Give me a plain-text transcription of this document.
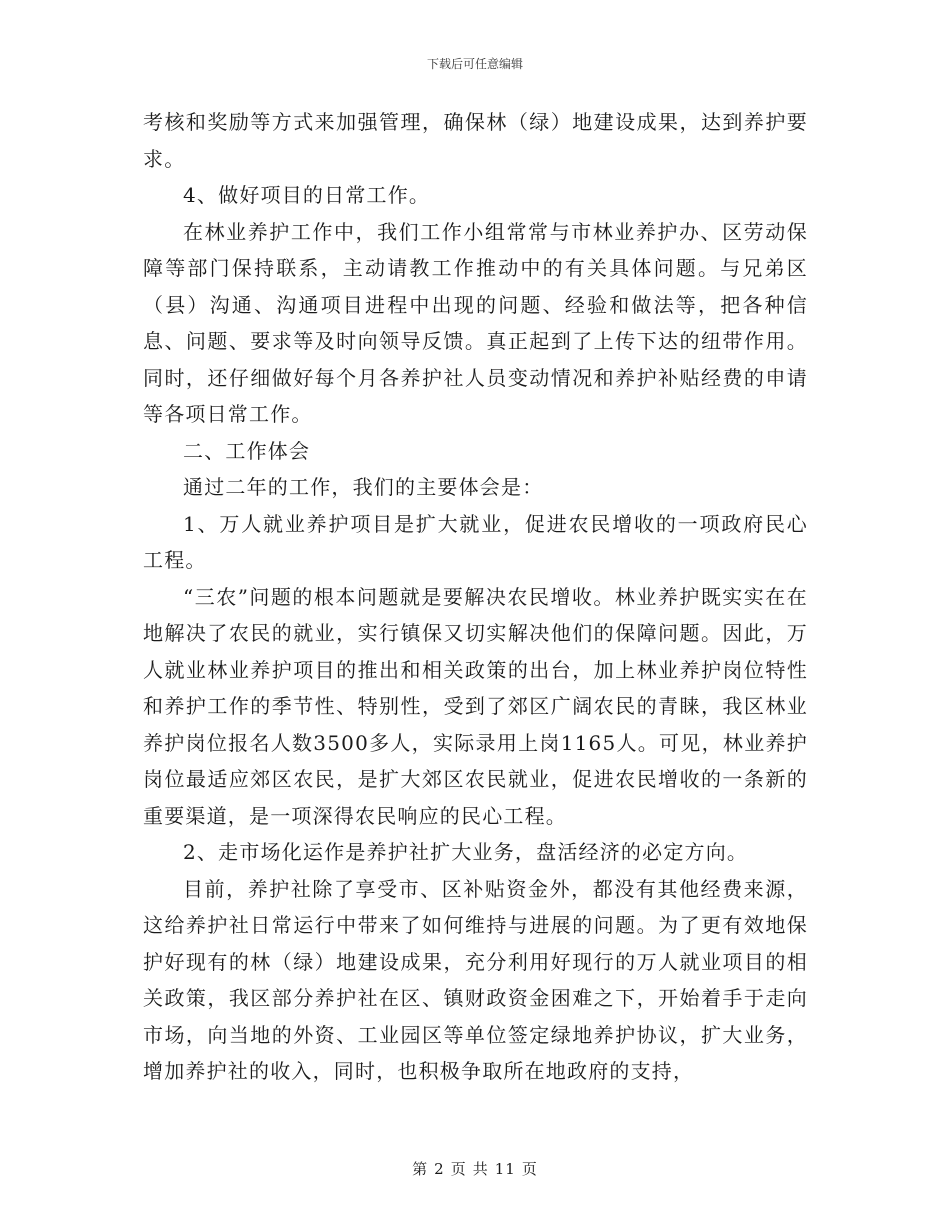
下载后可任意编辑

考核和奖励等方式来加强管理，确保林（绿）地建设成果，达到养护要求。

4、做好项目的日常工作。

在林业养护工作中，我们工作小组常常与市林业养护办、区劳动保障等部门保持联系，主动请教工作推动中的有关具体问题。与兄弟区（县）沟通、沟通项目进程中出现的问题、经验和做法等，把各种信息、问题、要求等及时向领导反馈。真正起到了上传下达的纽带作用。同时，还仔细做好每个月各养护社人员变动情况和养护补贴经费的申请等各项日常工作。

二、工作体会

通过二年的工作，我们的主要体会是：

1、万人就业养护项目是扩大就业，促进农民增收的一项政府民心工程。

“三农”问题的根本问题就是要解决农民增收。林业养护既实实在在地解决了农民的就业，实行镇保又切实解决他们的保障问题。因此，万人就业林业养护项目的推出和相关政策的出台，加上林业养护岗位特性和养护工作的季节性、特别性，受到了郊区广阔农民的青睐，我区林业养护岗位报名人数3500多人，实际录用上岗1165人。可见，林业养护岗位最适应郊区农民，是扩大郊区农民就业，促进农民增收的一条新的重要渠道，是一项深得农民响应的民心工程。

2、走市场化运作是养护社扩大业务，盘活经济的必定方向。

目前，养护社除了享受市、区补贴资金外，都没有其他经费来源，这给养护社日常运行中带来了如何维持与进展的问题。为了更有效地保护好现有的林（绿）地建设成果，充分利用好现行的万人就业项目的相关政策，我区部分养护社在区、镇财政资金困难之下，开始着手于走向市场，向当地的外资、工业园区等单位签定绿地养护协议，扩大业务，增加养护社的收入，同时，也积极争取所在地政府的支持，

第 2 页 共 11 页
